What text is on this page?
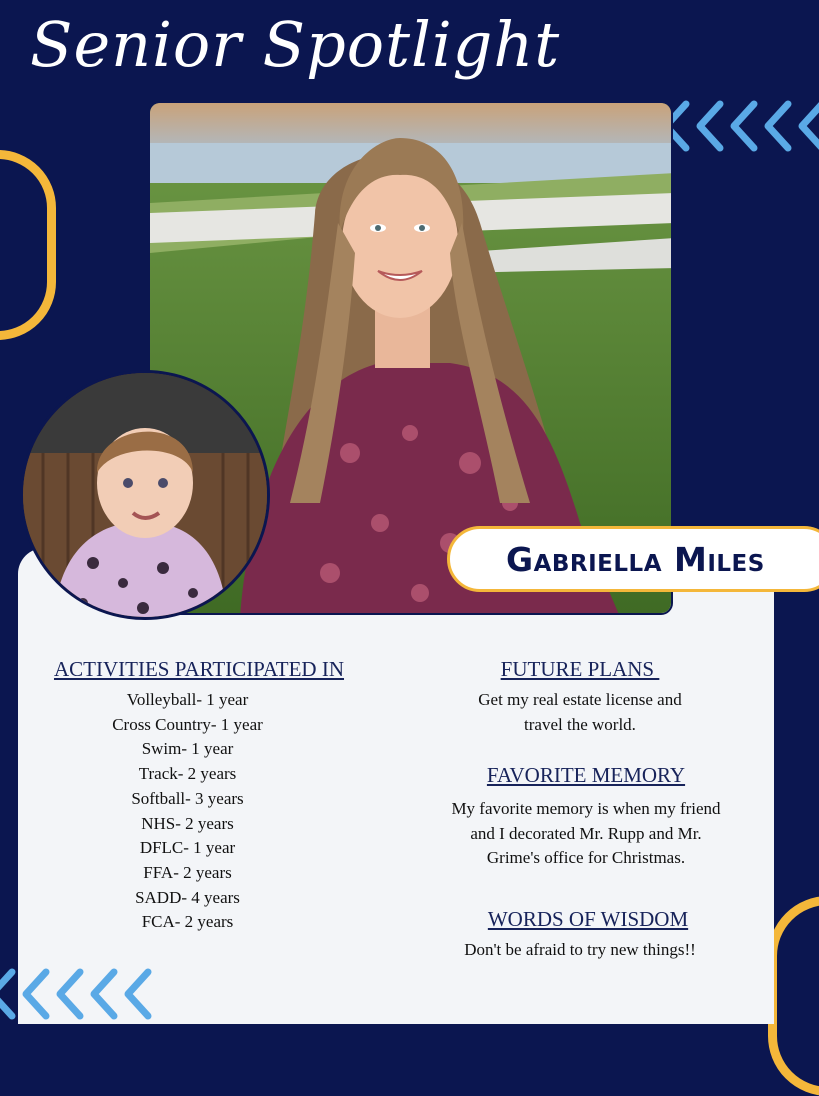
Senior Spotlight
Gabriella Miles
ACTIVITIES PARTICIPATED IN
Volleyball- 1 year
Cross Country- 1 year
Swim- 1 year
Track- 2 years
Softball- 3 years
NHS- 2 years
DFLC- 1 year
FFA- 2 years
SADD- 4 years
FCA- 2 years
FUTURE PLANS
Get my real estate license and
travel the world.
FAVORITE MEMORY
My favorite memory is when my friend
and I decorated Mr. Rupp and Mr.
Grime's office for Christmas.
WORDS OF WISDOM
Don't be afraid to try new things!!
